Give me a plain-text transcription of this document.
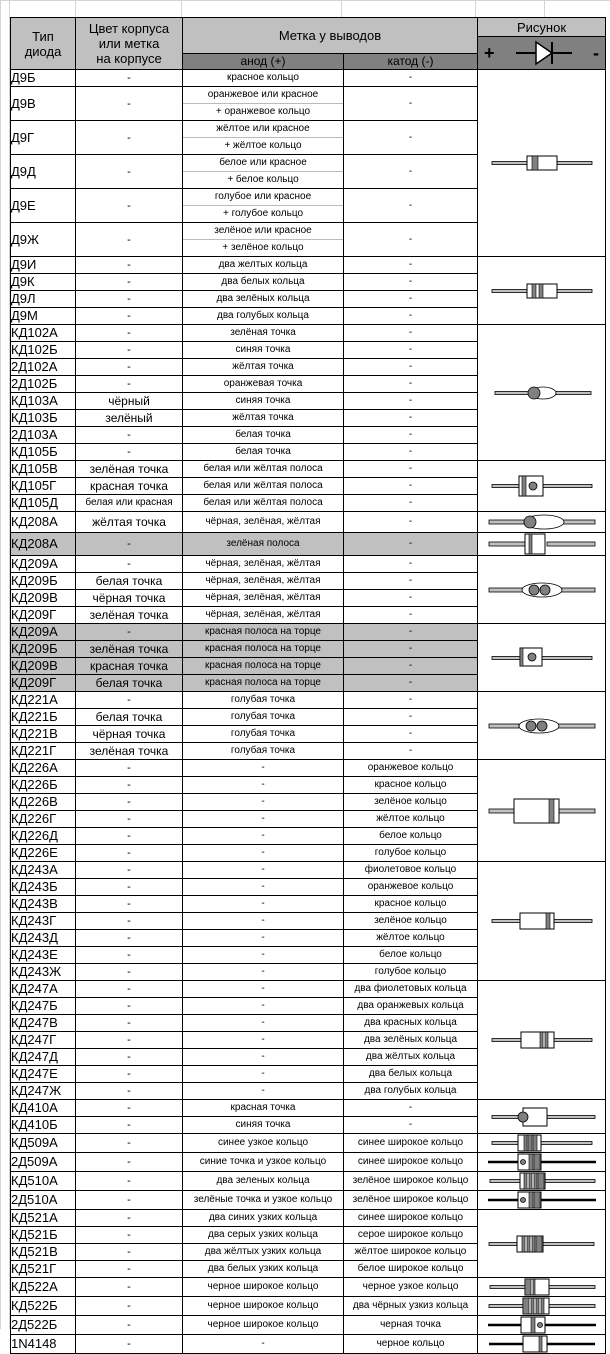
Тип
диода	Цвет корпуса
или метка
на корпусе	Метка у выводов		Рисунок

				+ -

		анод (+)	катод (-)	
Д9Б	-	красное кольцо	-	

Д9В	-	оранжевое или красное
+ оранжевое кольцо	-	
Д9Г	-	жёлтое или красное
+ жёлтое кольцо	-	
Д9Д	-	белое или красное
+ белое кольцо	-	
Д9Е	-	голубое или красное
+ голубое кольцо	-	
Д9Ж	-	зелёное или красное
+ зелёное кольцо	-	
Д9И	-	два желтых кольца	-	

Д9К	-	два белых кольца	-	
Д9Л	-	два зелёных кольца	-	
Д9М	-	два голубых кольца	-	
КД102А	-	зелёная точка	-	

КД102Б	-	синяя точка	-	
2Д102А	-	жёлтая точка	-	
2Д102Б	-	оранжевая точка	-	
КД103А	чёрный	синяя точка	-	
КД103Б	зелёный	жёлтая точка	-	
2Д103А	-	белая точка	-	
КД105Б	-	белая точка	-	
КД105В	зелёная точка	белая или жёлтая полоса	-	

КД105Г	красная точка	белая или жёлтая полоса	-	
КД105Д	белая или красная	белая или жёлтая полоса	-	
КД208А	жёлтая точка	чёрная, зелёная, жёлтая	-	

КД208А	-	зелёная полоса	-	

КД209А	-	чёрная, зелёная, жёлтая	-	

КД209Б	белая точка	чёрная, зелёная, жёлтая	-	
КД209В	чёрная точка	чёрная, зелёная, жёлтая	-	
КД209Г	зелёная точка	чёрная, зелёная, жёлтая	-	
КД209А	-	красная полоса на торце	-	

КД209Б	зелёная точка	красная полоса на торце	-	
КД209В	красная точка	красная полоса на торце	-	
КД209Г	белая точка	красная полоса на торце	-	
КД221А	-	голубая точка	-	

КД221Б	белая точка	голубая точка	-	
КД221В	чёрная точка	голубая точка	-	
КД221Г	зелёная точка	голубая точка	-	
КД226А	-	-	оранжевое кольцо	

КД226Б	-	-	красное кольцо	
КД226В	-	-	зелёное кольцо	
КД226Г	-	-	жёлтое кольцо	
КД226Д	-	-	белое кольцо	
КД226Е	-	-	голубое кольцо	
КД243А	-	-	фиолетовое кольцо	

КД243Б	-	-	оранжевое кольцо	
КД243В	-	-	красное кольцо	
КД243Г	-	-	зелёное кольцо	
КД243Д	-	-	жёлтое кольцо	
КД243Е	-	-	белое кольцо	
КД243Ж	-	-	голубое кольцо	
КД247А	-	-	два фиолетовых кольца	

КД247Б	-	-	два оранжевых кольца	
КД247В	-	-	два красных кольца	
КД247Г	-	-	два зелёных кольца	
КД247Д	-	-	два жёлтых кольца	
КД247Е	-	-	два белых кольца	
КД247Ж	-	-	два голубых кольца	
КД410А	-	красная точка	-	

КД410Б	-	синяя точка	-	
КД509А	-	синее узкое кольцо	синее широкое кольцо	

2Д509А	-	синие точка и узкое кольцо	синее широкое кольцо	

КД510А	-	два зеленых кольца	зелёное широкое кольцо	

2Д510А	-	зелёные точка и узкое кольцо	зелёное широкое кольцо	

КД521А	-	два синих узких кольца	синее широкое кольцо	

КД521Б	-	два серых узких кольца	серое широкое кольцо	
КД521В	-	два жёлтых узких кольца	жёлтое широкое кольцо	
КД521Г	-	два белых узких кольца	белое широкое кольцо	
КД522А	-	черное широкое кольцо	черное узкое кольцо	

КД522Б	-	черное широкое кольцо	два чёрных узкиз кольца	

2Д522Б	-	черное широкое кольцо	черная точка	

1N4148	-	-	черное кольцо	
